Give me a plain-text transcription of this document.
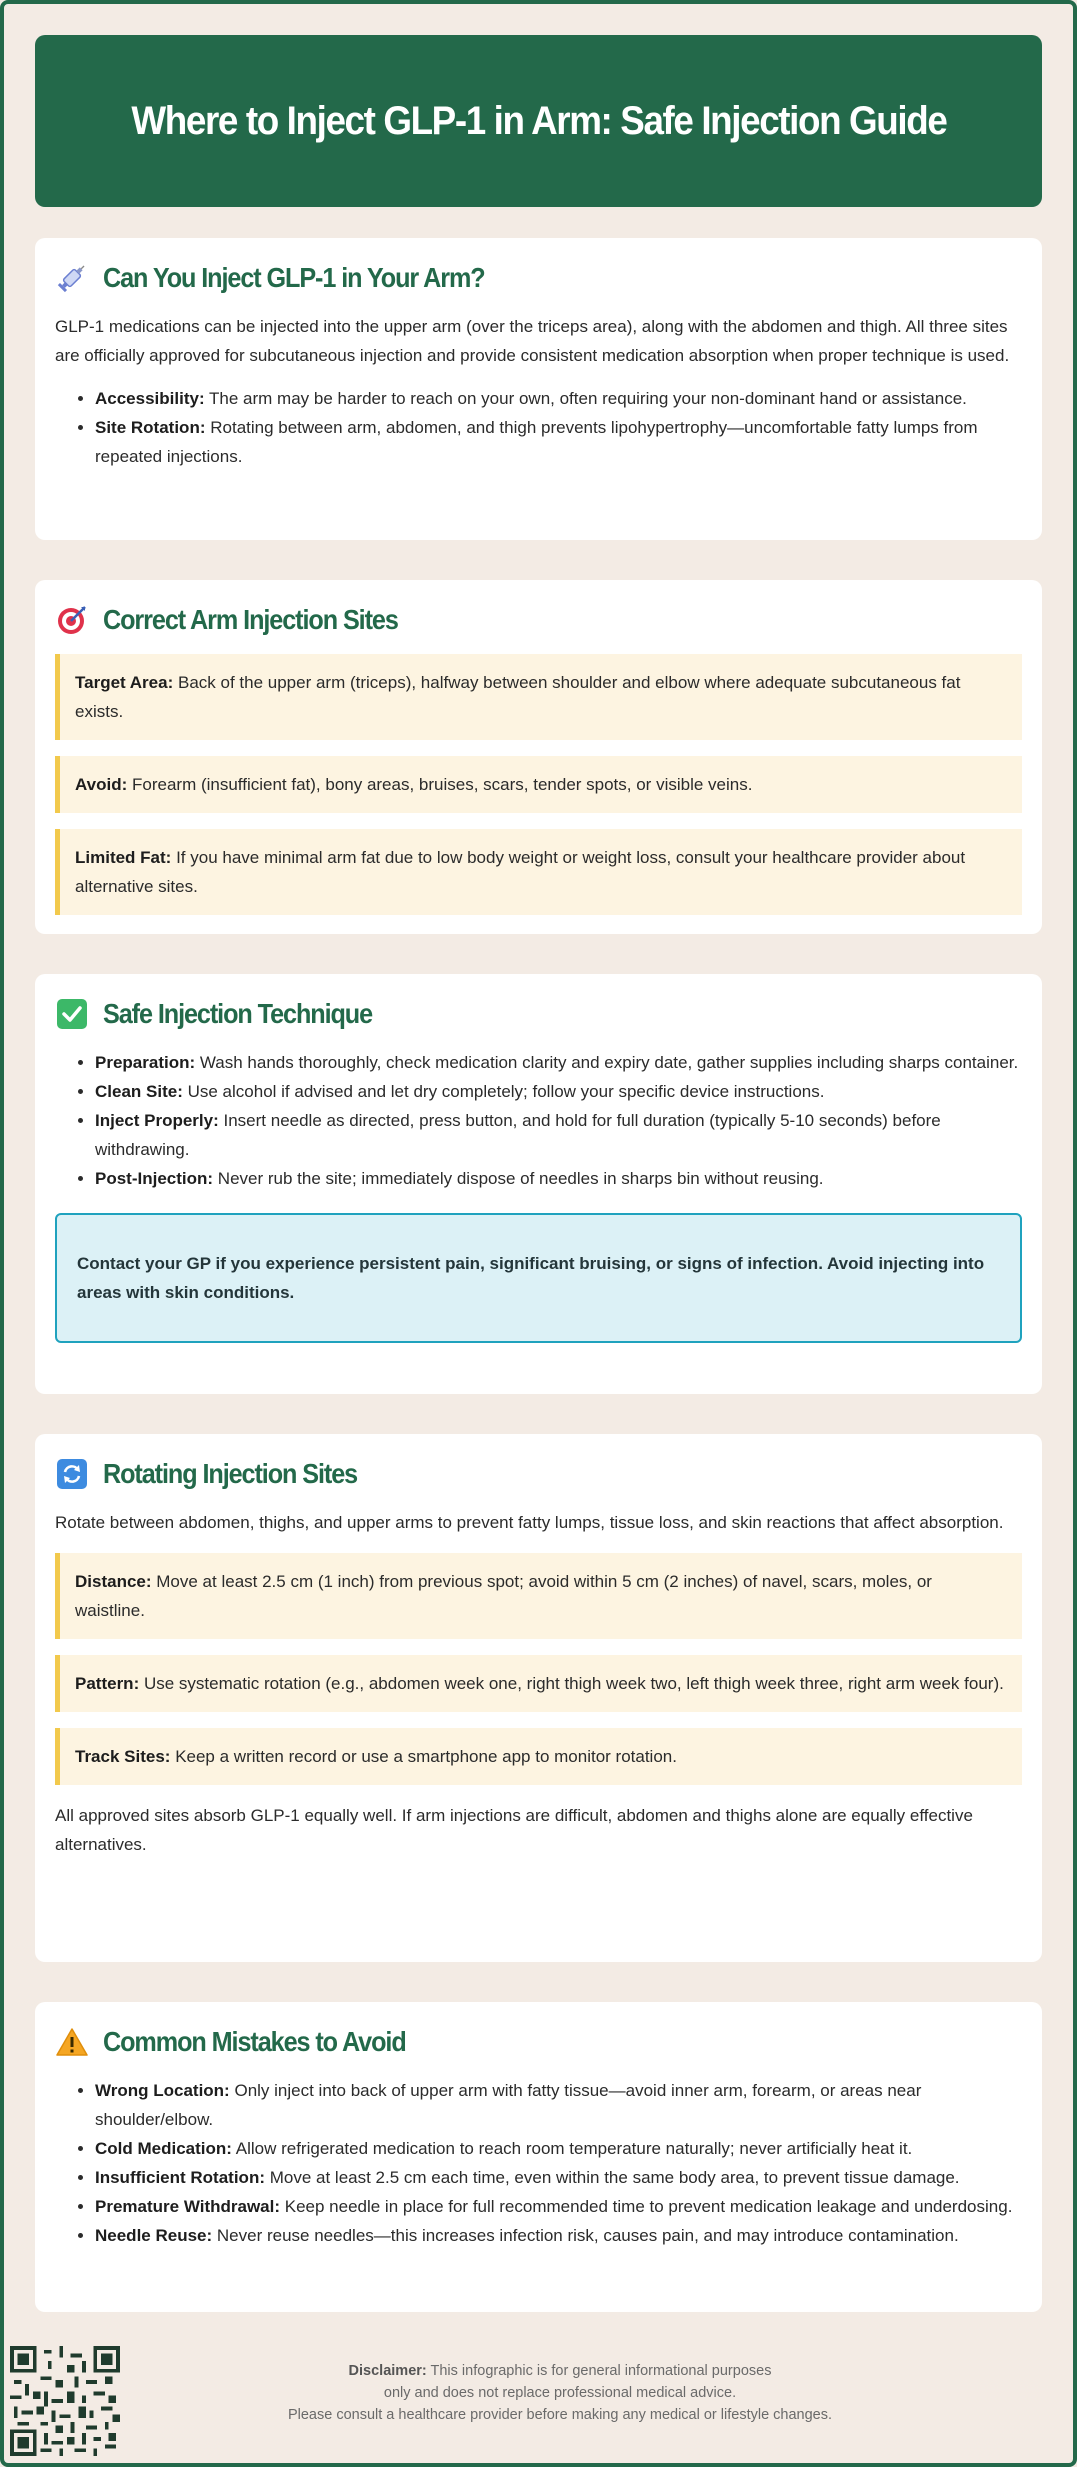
Where to Inject GLP-1 in Arm: Safe Injection Guide
Can You Inject GLP-1 in Your Arm?

GLP-1 medications can be injected into the upper arm (over the triceps area), along with the abdomen and thigh. All three sites are officially approved for subcutaneous injection and provide consistent medication absorption when proper technique is used.

• Accessibility: The arm may be harder to reach on your own, often requiring your non-dominant hand or assistance.
• Site Rotation: Rotating between arm, abdomen, and thigh prevents lipohypertrophy—uncomfortable fatty lumps from repeated injections.
Correct Arm Injection Sites
Target Area: Back of the upper arm (triceps), halfway between shoulder and elbow where adequate subcutaneous fat exists.
Avoid: Forearm (insufficient fat), bony areas, bruises, scars, tender spots, or visible veins.
Limited Fat: If you have minimal arm fat due to low body weight or weight loss, consult your healthcare provider about alternative sites.
Safe Injection Technique
• Preparation: Wash hands thoroughly, check medication clarity and expiry date, gather supplies including sharps container.
• Clean Site: Use alcohol if advised and let dry completely; follow your specific device instructions.
• Inject Properly: Insert needle as directed, press button, and hold for full duration (typically 5-10 seconds) before withdrawing.
• Post-Injection: Never rub the site; immediately dispose of needles in sharps bin without reusing.
Contact your GP if you experience persistent pain, significant bruising, or signs of infection. Avoid injecting into areas with skin conditions.
Rotating Injection Sites

Rotate between abdomen, thighs, and upper arms to prevent fatty lumps, tissue loss, and skin reactions that affect absorption.

Distance: Move at least 2.5 cm (1 inch) from previous spot; avoid within 5 cm (2 inches) of navel, scars, moles, or waistline.
Pattern: Use systematic rotation (e.g., abdomen week one, right thigh week two, left thigh week three, right arm week four).
Track Sites: Keep a written record or use a smartphone app to monitor rotation.

All approved sites absorb GLP-1 equally well. If arm injections are difficult, abdomen and thighs alone are equally effective alternatives.

Common Mistakes to Avoid
• Wrong Location: Only inject into back of upper arm with fatty tissue—avoid inner arm, forearm, or areas near shoulder/elbow.
• Cold Medication: Allow refrigerated medication to reach room temperature naturally; never artificially heat it.
• Insufficient Rotation: Move at least 2.5 cm each time, even within the same body area, to prevent tissue damage.
• Premature Withdrawal: Keep needle in place for full recommended time to prevent medication leakage and underdosing.
• Needle Reuse: Never reuse needles—this increases infection risk, causes pain, and may introduce contamination.
Disclaimer: This infographic is for general informational purposes
only and does not replace professional medical advice.
Please consult a healthcare provider before making any medical or lifestyle changes.
